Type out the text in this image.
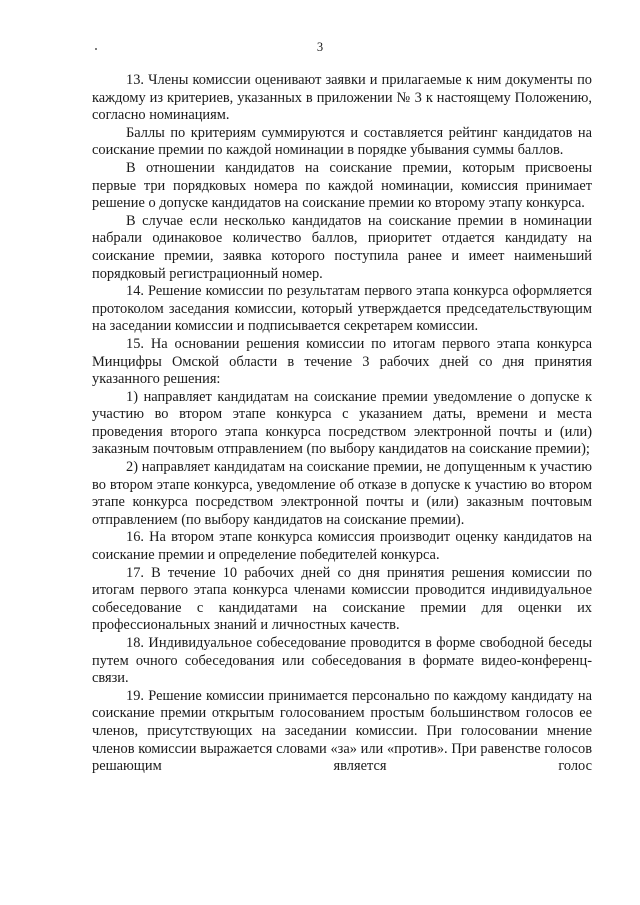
3

13. Члены комиссии оценивают заявки и прилагаемые к ним документы по каждому из критериев, указанных в приложении № 3 к настоящему Положению, согласно номинациям.

Баллы по критериям суммируются и составляется рейтинг кандидатов на соискание премии по каждой номинации в порядке убывания суммы баллов.

В отношении кандидатов на соискание премии, которым присвоены первые три порядковых номера по каждой номинации, комиссия принимает решение о допуске кандидатов на соискание премии ко второму этапу конкурса.

В случае если несколько кандидатов на соискание премии в номинации набрали одинаковое количество баллов, приоритет отдается кандидату на соискание премии, заявка которого поступила ранее и имеет наименьший порядковый регистрационный номер.

14. Решение комиссии по результатам первого этапа конкурса оформляется протоколом заседания комиссии, который утверждается председательствующим на заседании комиссии и подписывается секретарем комиссии.

15. На основании решения комиссии по итогам первого этапа конкурса Минцифры Омской области в течение 3 рабочих дней со дня принятия указанного решения:

1) направляет кандидатам на соискание премии уведомление о допуске к участию во втором этапе конкурса с указанием даты, времени и места проведения второго этапа конкурса посредством электронной почты и (или) заказным почтовым отправлением (по выбору кандидатов на соискание премии);

2) направляет кандидатам на соискание премии, не допущенным к участию во втором этапе конкурса, уведомление об отказе в допуске к участию во втором этапе конкурса посредством электронной почты и (или) заказным почтовым отправлением (по выбору кандидатов на соискание премии).

16. На втором этапе конкурса комиссия производит оценку кандидатов на соискание премии и определение победителей конкурса.

17. В течение 10 рабочих дней со дня принятия решения комиссии по итогам первого этапа конкурса членами комиссии проводится индивидуальное собеседование с кандидатами на соискание премии для оценки их профессиональных знаний и личностных качеств.

18. Индивидуальное собеседование проводится в форме свободной беседы путем очного собеседования или собеседования в формате видео-конференц-связи.

19. Решение комиссии принимается персонально по каждому кандидату на соискание премии открытым голосованием простым большинством голосов ее членов, присутствующих на заседании комиссии. При голосовании мнение членов комиссии выражается словами «за» или «против». При равенстве голосов решающим является голос
